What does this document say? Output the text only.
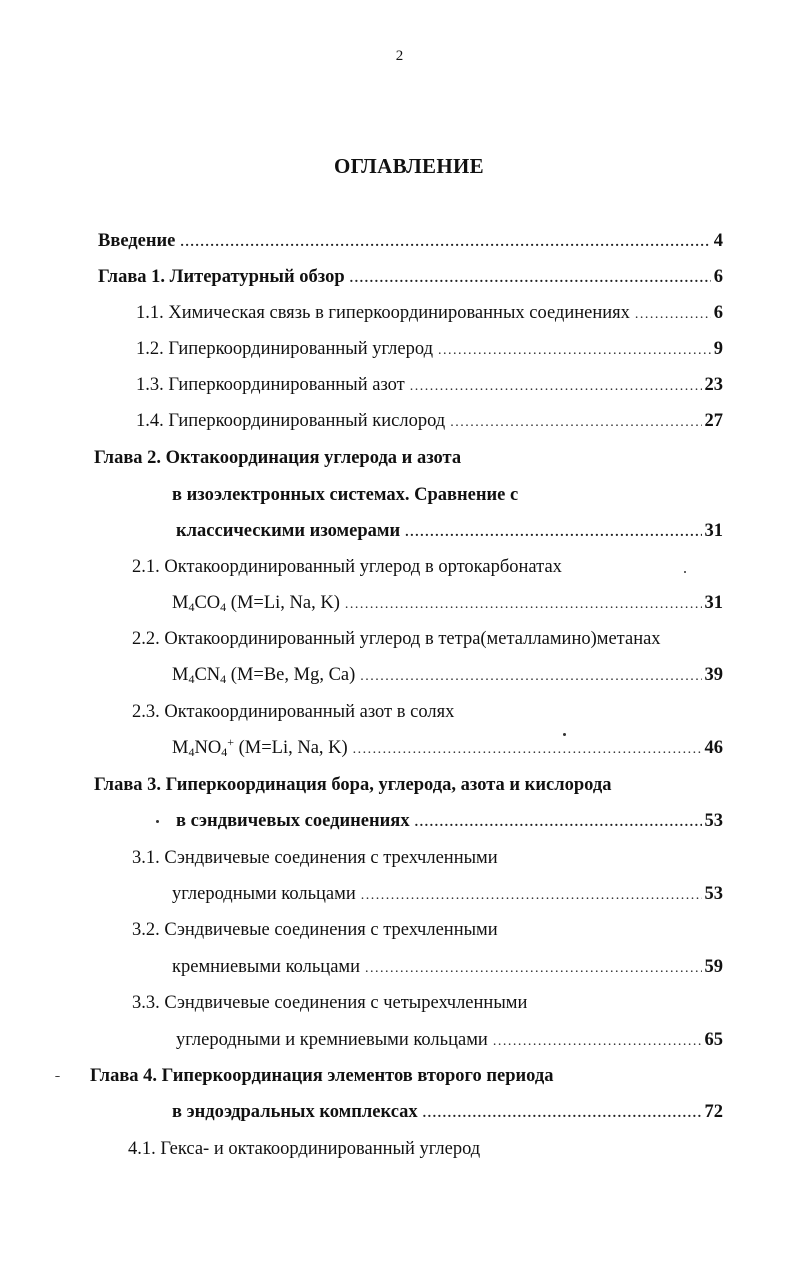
2
ОГЛАВЛЕНИЕ
Введение .....	4
Глава 1. Литературный обзор .....	6
1.1. Химическая связь в гиперкоординированных соединениях .....	6
1.2. Гиперкоординированный углерод .....	9
1.3. Гиперкоординированный азот .....	23
1.4. Гиперкоординированный кислород .....	27
Глава 2. Октакоординация углерода и азота
в изоэлектронных системах. Сравнение с
классическими изомерами .....	31
2.1. Октакоординированный углерод в ортокарбонатах
$M_4CO_4$ (M=Li, Na, K) .....	31
2.2. Октакоординированный углерод в тетра(металламино)метанах
$M_4CN_4$ (M=Be, Mg, Ca) .....	39
2.3. Октакоординированный азот в солях
$M_4NO_4^+$ (M=Li, Na, K) .....	46
Глава 3. Гиперкоординация бора, углерода, азота и кислорода
в сэндвичевых соединениях .....	53
3.1. Сэндвичевые соединения с трехчленными
углеродными кольцами .....	53
3.2. Сэндвичевые соединения с трехчленными
кремниевыми кольцами .....	59
3.3. Сэндвичевые соединения с четырехчленными
углеродными и кремниевыми кольцами .....	65
Глава 4. Гиперкоординация элементов второго периода
в эндоэдральных комплексах .....	72
4.1. Гекса- и октакоординированный углерод
